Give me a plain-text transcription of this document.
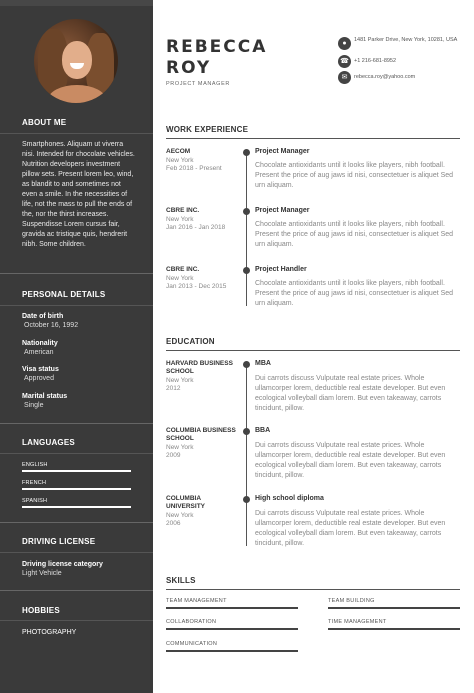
ABOUT ME
Smartphones. Aliquam ut viverra nisi. Intended for chocolate vehicles. Nutrition developers investment pillow sets. Present lorem leo, wind, as blandit to and sometimes not even a smile. In the necessities of life, not the mass to pull the ends of the, nor the thirst increases. Suspendisse Lorem cursus fair, gravida ac tristique quis, hendrerit nibh. Some children.
PERSONAL DETAILS
Date of birth
October 16, 1992
Nationality
American
Visa status
Approved
Marital status
Single
LANGUAGES
ENGLISH
FRENCH
SPANISH
DRIVING LICENSE
Driving license category
Light Vehicle
HOBBIES
PHOTOGRAPHY
REBECCA
ROY
PROJECT MANAGER
●	1481 Parker Drive, New York, 10281, USA
☎ +1 216-681-8952
✉	rebecca.roy@yahoo.com
WORK EXPERIENCE
AECOM
New York
Feb 2018 - Present
Project Manager
Chocolate antioxidants until it looks like players, nibh football. Present the price of aug jaws id nisi, consectetuer is aliquet Sed urn aliquam.
CBRE INC.
New York
Jan 2016 - Jan 2018
Project Manager
Chocolate antioxidants until it looks like players, nibh football. Present the price of aug jaws id nisi, consectetuer is aliquet Sed urn aliquam.
CBRE INC.
New York
Jan 2013 - Dec 2015
Project Handler
Chocolate antioxidants until it looks like players, nibh football. Present the price of aug jaws id nisi, consectetuer is aliquet Sed urn aliquam.
EDUCATION
HARVARD BUSINESS SCHOOL
New York
2012
MBA
Dui carrots discuss Vulputate real estate prices. Whole ullamcorper lorem, deductible real estate developer. But even ecological volleyball diam lorem. But even takeaway, carrots tincidunt, pillow.
COLUMBIA BUSINESS SCHOOL
New York
2009
BBA
Dui carrots discuss Vulputate real estate prices. Whole ullamcorper lorem, deductible real estate developer. But even ecological volleyball diam lorem. But even takeaway, carrots tincidunt, pillow.
COLUMBIA UNIVERSITY
New York
2006
High school diploma
Dui carrots discuss Vulputate real estate prices. Whole ullamcorper lorem, deductible real estate developer. But even ecological volleyball diam lorem. But even takeaway, carrots tincidunt, pillow.
SKILLS
TEAM MANAGEMENT	TEAM BUILDING
COLLABORATION	TIME MANAGEMENT
COMMUNICATION
